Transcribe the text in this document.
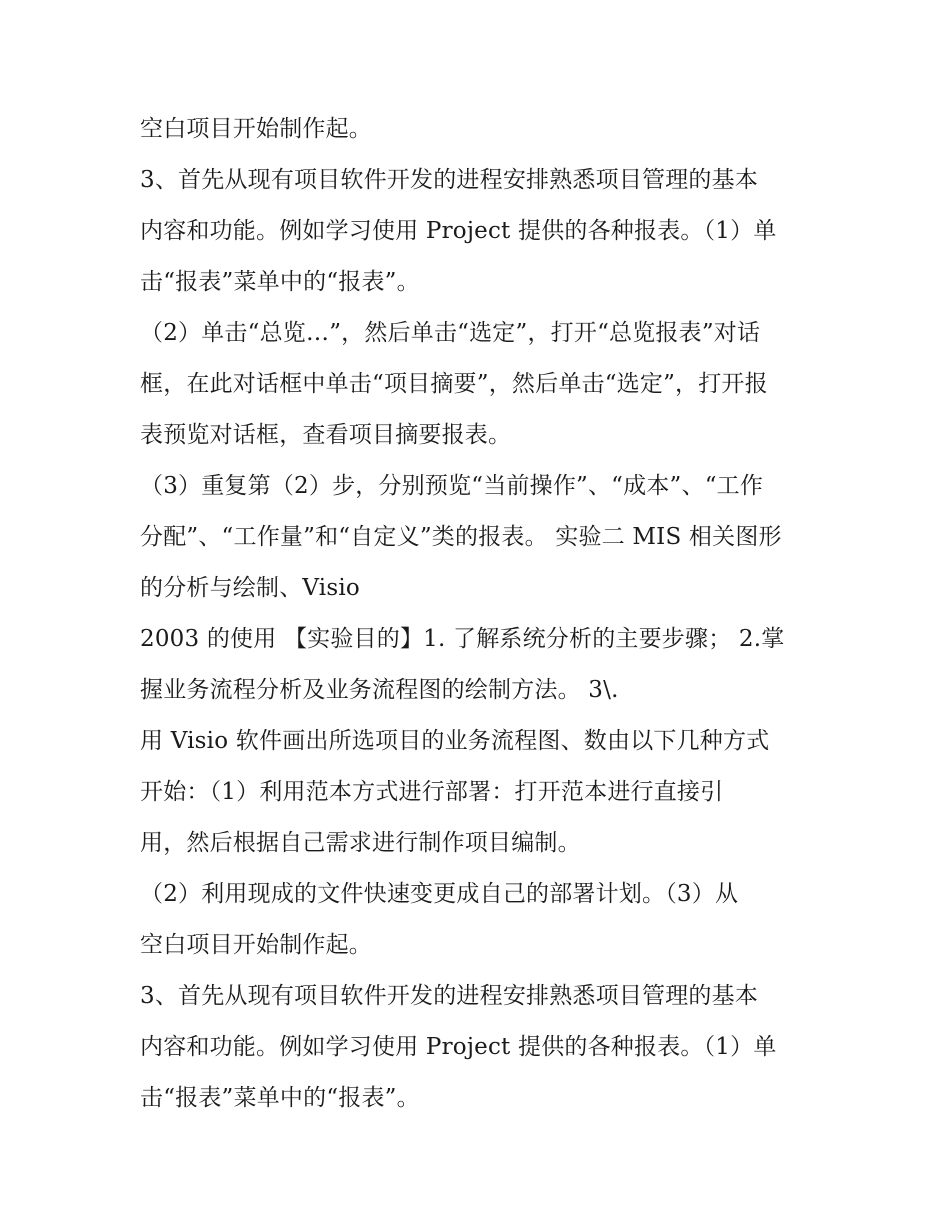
空白项目开始制作起。
3、首先从现有项目软件开发的进程安排熟悉项目管理的基本
内容和功能。例如学习使用 Project 提供的各种报表。（1）单
击“报表”菜单中的“报表”。
（2）单击“总览…”，然后单击“选定”，打开“总览报表”对话
框，在此对话框中单击“项目摘要”，然后单击“选定”，打开报
表预览对话框，查看项目摘要报表。
（3）重复第（2）步，分别预览“当前操作”、“成本”、“工作
分配”、“工作量”和“自定义”类的报表。 实验二 MIS 相关图形
的分析与绘制、Visio
2003 的使用 【实验目的】1. 了解系统分析的主要步骤； 2.掌
握业务流程分析及业务流程图的绘制方法。 3\.
用 Visio 软件画出所选项目的业务流程图、数由以下几种方式
开始：（1）利用范本方式进行部署：打开范本进行直接引
用，然后根据自己需求进行制作项目编制。
（2）利用现成的文件快速变更成自己的部署计划。（3）从
空白项目开始制作起。
3、首先从现有项目软件开发的进程安排熟悉项目管理的基本
内容和功能。例如学习使用 Project 提供的各种报表。（1）单
击“报表”菜单中的“报表”。
